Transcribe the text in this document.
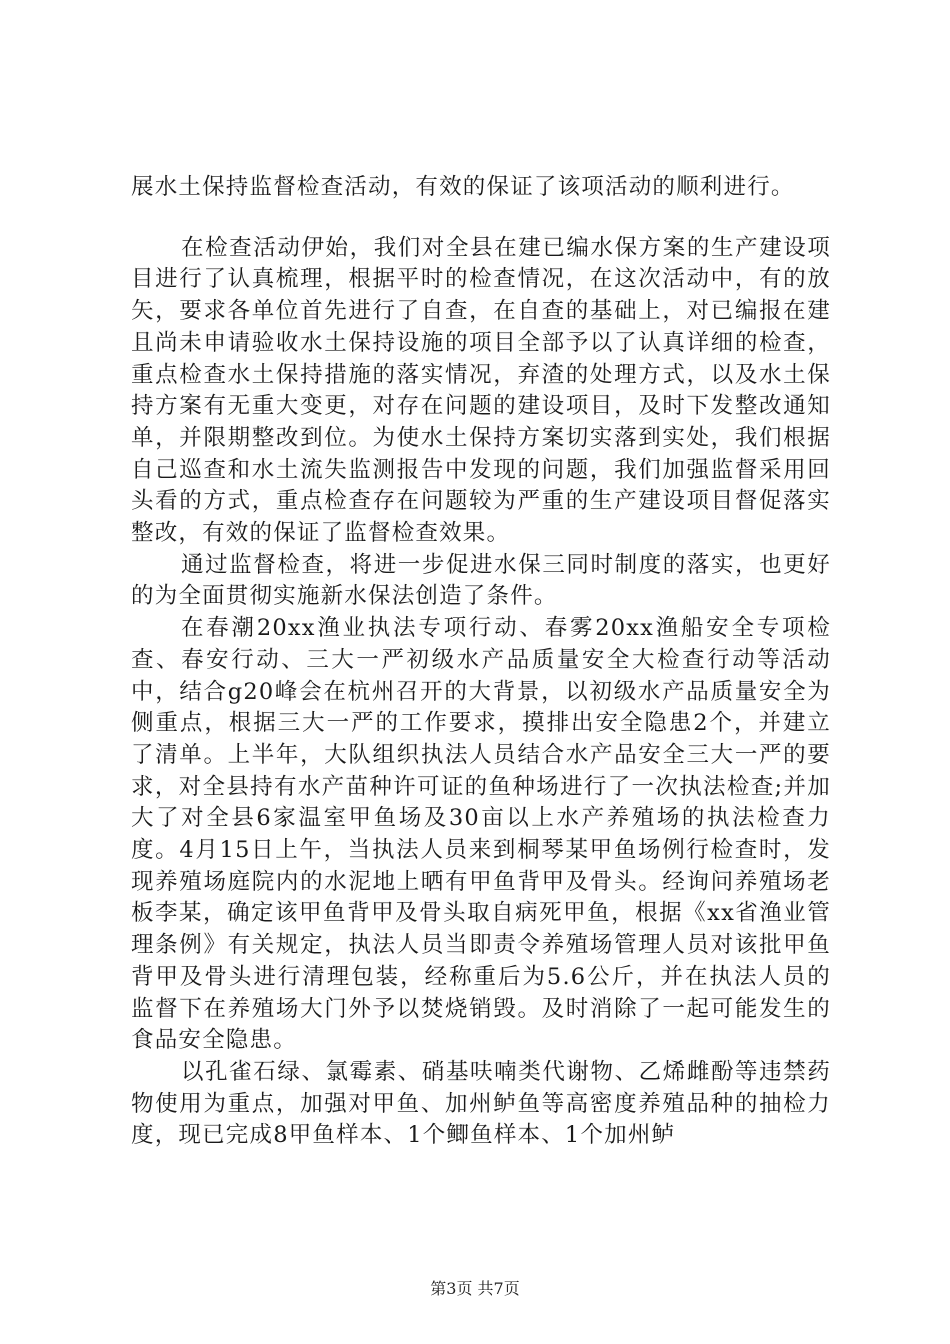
展水土保持监督检查活动，有效的保证了该项活动的顺利进行。

在检查活动伊始，我们对全县在建已编水保方案的生产建设项目进行了认真梳理，根据平时的检查情况，在这次活动中，有的放矢，要求各单位首先进行了自查，在自查的基础上，对已编报在建且尚未申请验收水土保持设施的项目全部予以了认真详细的检查，重点检查水土保持措施的落实情况，弃渣的处理方式，以及水土保持方案有无重大变更，对存在问题的建设项目，及时下发整改通知单，并限期整改到位。为使水土保持方案切实落到实处，我们根据自己巡查和水土流失监测报告中发现的问题，我们加强监督采用回头看的方式，重点检查存在问题较为严重的生产建设项目督促落实整改，有效的保证了监督检查效果。

通过监督检查，将进一步促进水保三同时制度的落实，也更好的为全面贯彻实施新水保法创造了条件。

在春潮20xx渔业执法专项行动、春雾20xx渔船安全专项检查、春安行动、三大一严初级水产品质量安全大检查行动等活动中，结合g20峰会在杭州召开的大背景，以初级水产品质量安全为侧重点，根据三大一严的工作要求，摸排出安全隐患2个，并建立了清单。上半年，大队组织执法人员结合水产品安全三大一严的要求，对全县持有水产苗种许可证的鱼种场进行了一次执法检查;并加大了对全县6家温室甲鱼场及30亩以上水产养殖场的执法检查力度。4月15日上午，当执法人员来到桐琴某甲鱼场例行检查时，发现养殖场庭院内的水泥地上晒有甲鱼背甲及骨头。经询问养殖场老板李某，确定该甲鱼背甲及骨头取自病死甲鱼，根据《xx省渔业管理条例》有关规定，执法人员当即责令养殖场管理人员对该批甲鱼背甲及骨头进行清理包装，经称重后为5.6公斤，并在执法人员的监督下在养殖场大门外予以焚烧销毁。及时消除了一起可能发生的食品安全隐患。

以孔雀石绿、氯霉素、硝基呋喃类代谢物、乙烯雌酚等违禁药物使用为重点，加强对甲鱼、加州鲈鱼等高密度养殖品种的抽检力度，现已完成8甲鱼样本、1个鲫鱼样本、1个加州鲈

第3页 共7页
